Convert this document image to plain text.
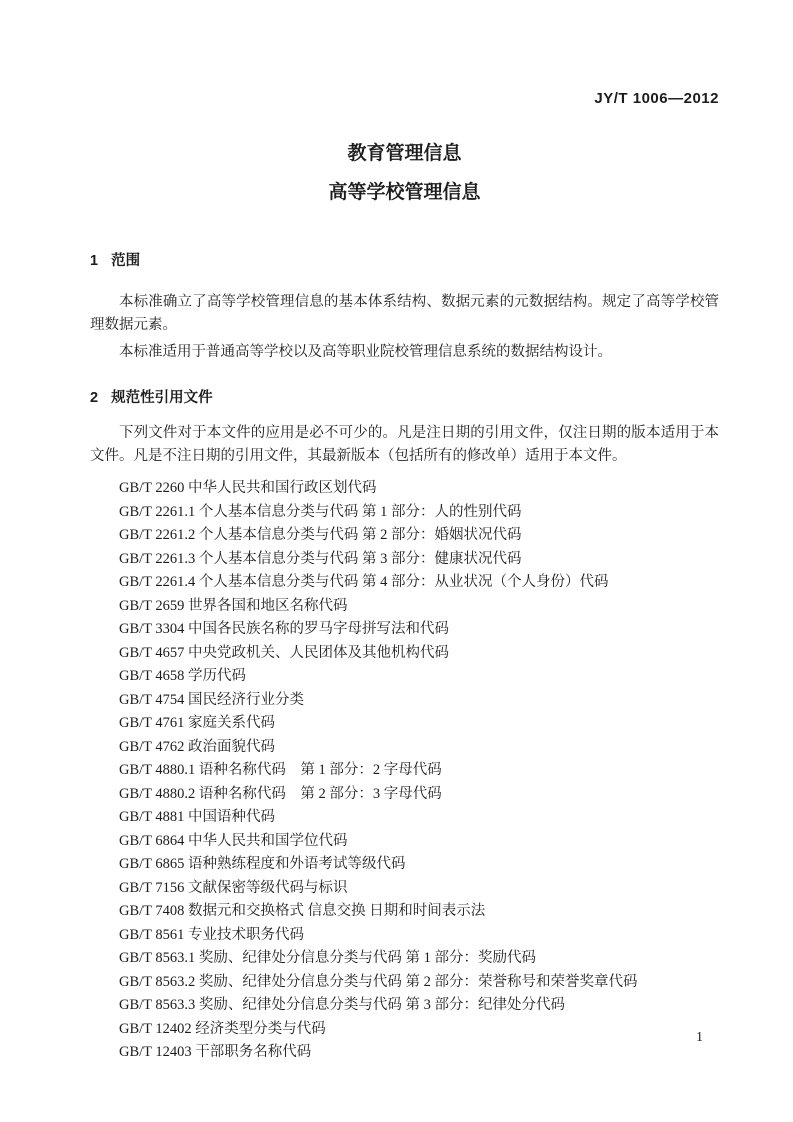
JY/T 1006—2012
教育管理信息
高等学校管理信息
1 范围

本标准确立了高等学校管理信息的基本体系结构、数据元素的元数据结构。规定了高等学校管理数据元素。

本标准适用于普通高等学校以及高等职业院校管理信息系统的数据结构设计。

2 规范性引用文件

下列文件对于本文件的应用是必不可少的。凡是注日期的引用文件，仅注日期的版本适用于本文件。凡是不注日期的引用文件，其最新版本（包括所有的修改单）适用于本文件。

GB/T 2260 中华人民共和国行政区划代码
GB/T 2261.1 个人基本信息分类与代码 第 1 部分：人的性别代码
GB/T 2261.2 个人基本信息分类与代码 第 2 部分：婚姻状况代码
GB/T 2261.3 个人基本信息分类与代码 第 3 部分：健康状况代码
GB/T 2261.4 个人基本信息分类与代码 第 4 部分：从业状况（个人身份）代码
GB/T 2659 世界各国和地区名称代码
GB/T 3304 中国各民族名称的罗马字母拼写法和代码
GB/T 4657 中央党政机关、人民团体及其他机构代码
GB/T 4658 学历代码
GB/T 4754 国民经济行业分类
GB/T 4761 家庭关系代码
GB/T 4762 政治面貌代码
GB/T 4880.1 语种名称代码　第 1 部分：2 字母代码
GB/T 4880.2 语种名称代码　第 2 部分：3 字母代码
GB/T 4881 中国语种代码
GB/T 6864 中华人民共和国学位代码
GB/T 6865 语种熟练程度和外语考试等级代码
GB/T 7156 文献保密等级代码与标识
GB/T 7408 数据元和交换格式 信息交换 日期和时间表示法
GB/T 8561 专业技术职务代码
GB/T 8563.1 奖励、纪律处分信息分类与代码 第 1 部分：奖励代码
GB/T 8563.2 奖励、纪律处分信息分类与代码 第 2 部分：荣誉称号和荣誉奖章代码
GB/T 8563.3 奖励、纪律处分信息分类与代码 第 3 部分：纪律处分代码
GB/T 12402 经济类型分类与代码
GB/T 12403 干部职务名称代码
1
